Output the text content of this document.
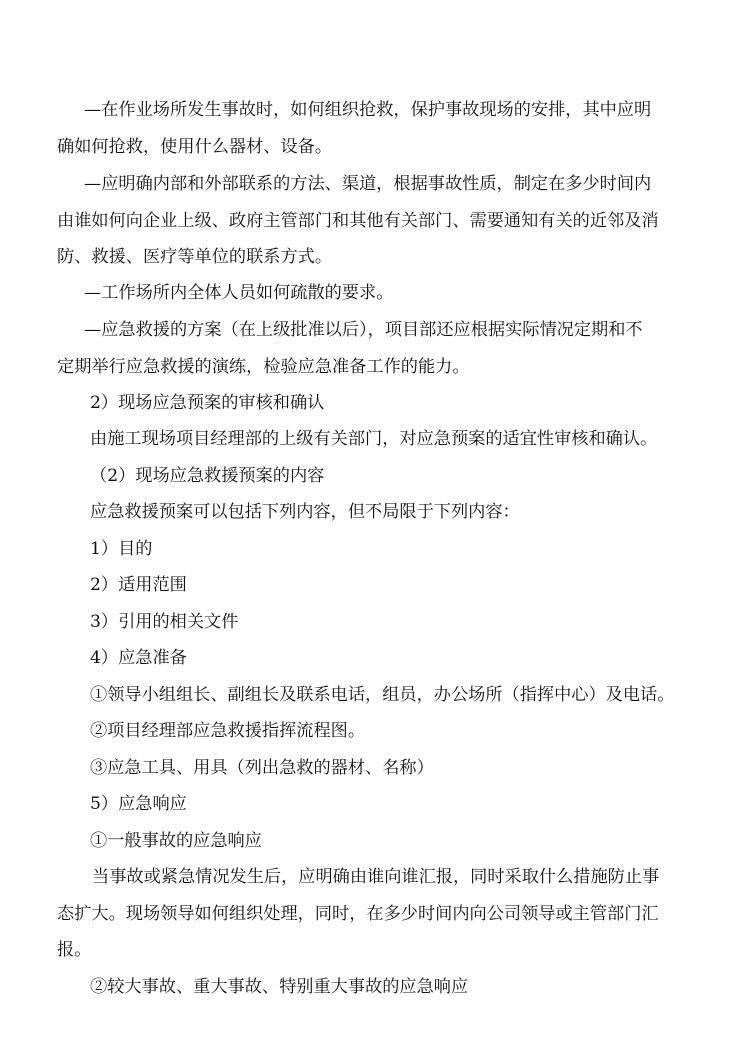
—在作业场所发生事故时，如何组织抢救，保护事故现场的安排，其中应明
确如何抢救，使用什么器材、设备。

—应明确内部和外部联系的方法、渠道，根据事故性质，制定在多少时间内
由谁如何向企业上级、政府主管部门和其他有关部门、需要通知有关的近邻及消
防、救援、医疗等单位的联系方式。

—工作场所内全体人员如何疏散的要求。

—应急救援的方案（在上级批准以后），项目部还应根据实际情况定期和不
定期举行应急救援的演练，检验应急准备工作的能力。

2）现场应急预案的审核和确认

由施工现场项目经理部的上级有关部门，对应急预案的适宜性审核和确认。

（2）现场应急救援预案的内容

应急救援预案可以包括下列内容，但不局限于下列内容：

1）目的

2）适用范围

3）引用的相关文件

4）应急准备

①领导小组组长、副组长及联系电话，组员，办公场所（指挥中心）及电话。

②项目经理部应急救援指挥流程图。

③应急工具、用具（列出急救的器材、名称）

5）应急响应

①一般事故的应急响应

当事故或紧急情况发生后，应明确由谁向谁汇报，同时采取什么措施防止事
态扩大。现场领导如何组织处理，同时，在多少时间内向公司领导或主管部门汇
报。

②较大事故、重大事故、特别重大事故的应急响应
